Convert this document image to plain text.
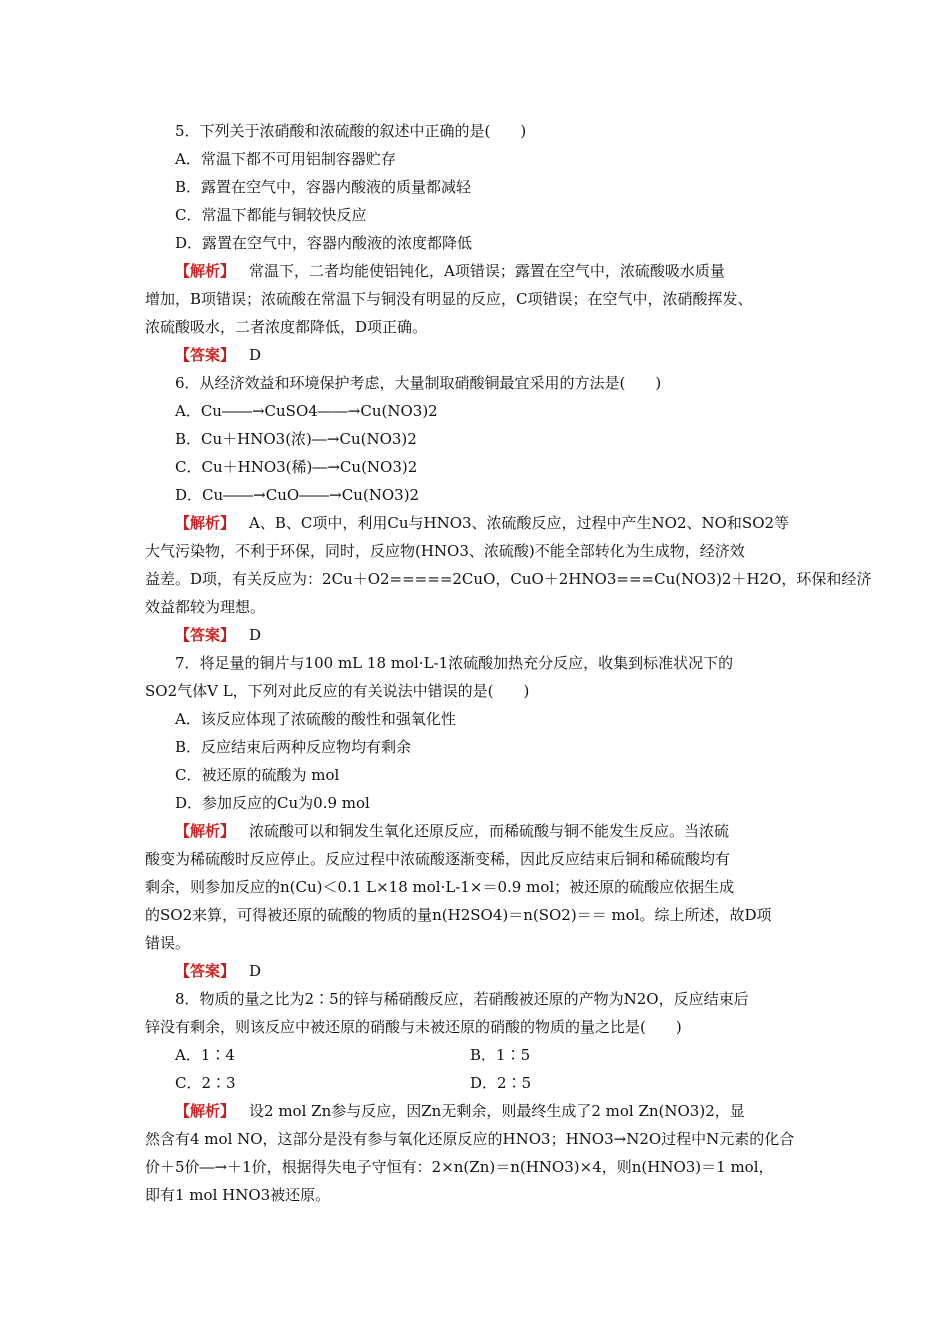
5．下列关于浓硝酸和浓硫酸的叙述中正确的是(　　)
A．常温下都不可用铝制容器贮存
B．露置在空气中，容器内酸液的质量都减轻
C．常温下都能与铜较快反应
D．露置在空气中，容器内酸液的浓度都降低
【解析】 常温下，二者均能使铝钝化，A项错误；露置在空气中，浓硫酸吸水质量
增加，B项错误；浓硫酸在常温下与铜没有明显的反应，C项错误；在空气中，浓硝酸挥发、
浓硫酸吸水，二者浓度都降低，D项正确。
【答案】 D
6．从经济效益和环境保护考虑，大量制取硝酸铜最宜采用的方法是(　　)
A．Cu――→CuSO4――→Cu(NO3)2
B．Cu＋HNO3(浓)―→Cu(NO3)2
C．Cu＋HNO3(稀)―→Cu(NO3)2
D．Cu――→CuO――→Cu(NO3)2
【解析】 A、B、C项中，利用Cu与HNO3、浓硫酸反应，过程中产生NO2、NO和SO2等
大气污染物，不利于环保，同时，反应物(HNO3、浓硫酸)不能全部转化为生成物，经济效
益差。D项，有关反应为：2Cu＋O2=====2CuO，CuO＋2HNO3===Cu(NO3)2＋H2O，环保和经济
效益都较为理想。
【答案】 D
7．将足量的铜片与100 mL 18 mol·L-1浓硫酸加热充分反应，收集到标准状况下的
SO2气体V L，下列对此反应的有关说法中错误的是(　　)
A．该反应体现了浓硫酸的酸性和强氧化性
B．反应结束后两种反应物均有剩余
C．被还原的硫酸为 mol
D．参加反应的Cu为0.9 mol
【解析】 浓硫酸可以和铜发生氧化还原反应，而稀硫酸与铜不能发生反应。当浓硫
酸变为稀硫酸时反应停止。反应过程中浓硫酸逐渐变稀，因此反应结束后铜和稀硫酸均有
剩余，则参加反应的n(Cu)＜0.1 L×18 mol·L-1×＝0.9 mol；被还原的硫酸应依据生成
的SO2来算，可得被还原的硫酸的物质的量n(H2SO4)＝n(SO2)＝＝ mol。综上所述，故D项
错误。
【答案】 D
8．物质的量之比为2∶5的锌与稀硝酸反应，若硝酸被还原的产物为N2O，反应结束后
锌没有剩余，则该反应中被还原的硝酸与未被还原的硝酸的物质的量之比是(　　)
A．1∶4	B．1∶5
C．2∶3	D．2∶5
【解析】 设2 mol Zn参与反应，因Zn无剩余，则最终生成了2 mol Zn(NO3)2，显
然含有4 mol NO，这部分是没有参与氧化还原反应的HNO3；HNO3→N2O过程中N元素的化合
价＋5价―→＋1价，根据得失电子守恒有：2×n(Zn)＝n(HNO3)×4，则n(HNO3)＝1 mol，
即有1 mol HNO3被还原。
